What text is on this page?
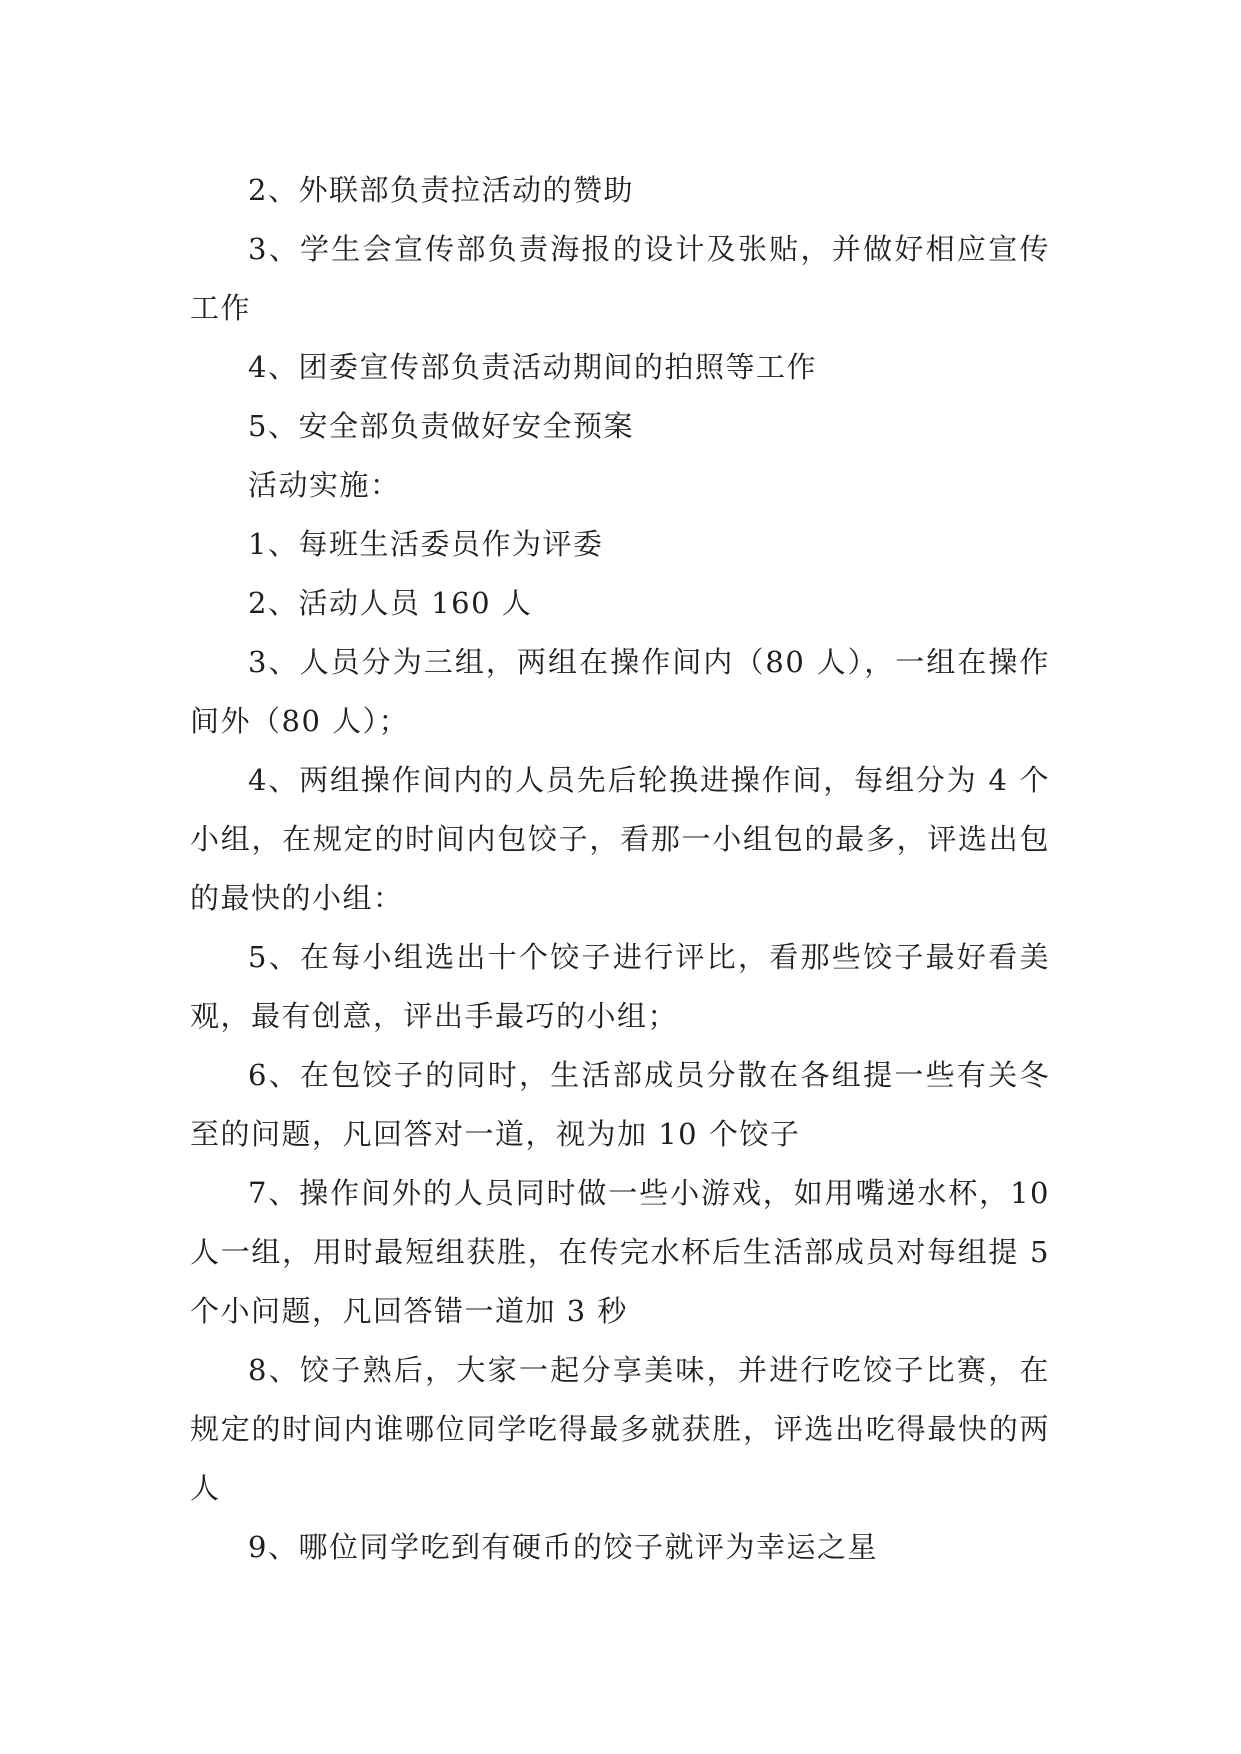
2、外联部负责拉活动的赞助

3、学生会宣传部负责海报的设计及张贴，并做好相应宣传工作

4、团委宣传部负责活动期间的拍照等工作

5、安全部负责做好安全预案

活动实施：

1、每班生活委员作为评委

2、活动人员 160 人

3、人员分为三组，两组在操作间内（80 人），一组在操作间外（80 人）；

4、两组操作间内的人员先后轮换进操作间，每组分为 4 个小组，在规定的时间内包饺子，看那一小组包的最多，评选出包的最快的小组：

5、在每小组选出十个饺子进行评比，看那些饺子最好看美观，最有创意，评出手最巧的小组；

6、在包饺子的同时，生活部成员分散在各组提一些有关冬至的问题，凡回答对一道，视为加 10 个饺子

7、操作间外的人员同时做一些小游戏，如用嘴递水杯，10 人一组，用时最短组获胜，在传完水杯后生活部成员对每组提 5 个小问题，凡回答错一道加 3 秒

8、饺子熟后，大家一起分享美味，并进行吃饺子比赛，在规定的时间内谁哪位同学吃得最多就获胜，评选出吃得最快的两人

9、哪位同学吃到有硬币的饺子就评为幸运之星
